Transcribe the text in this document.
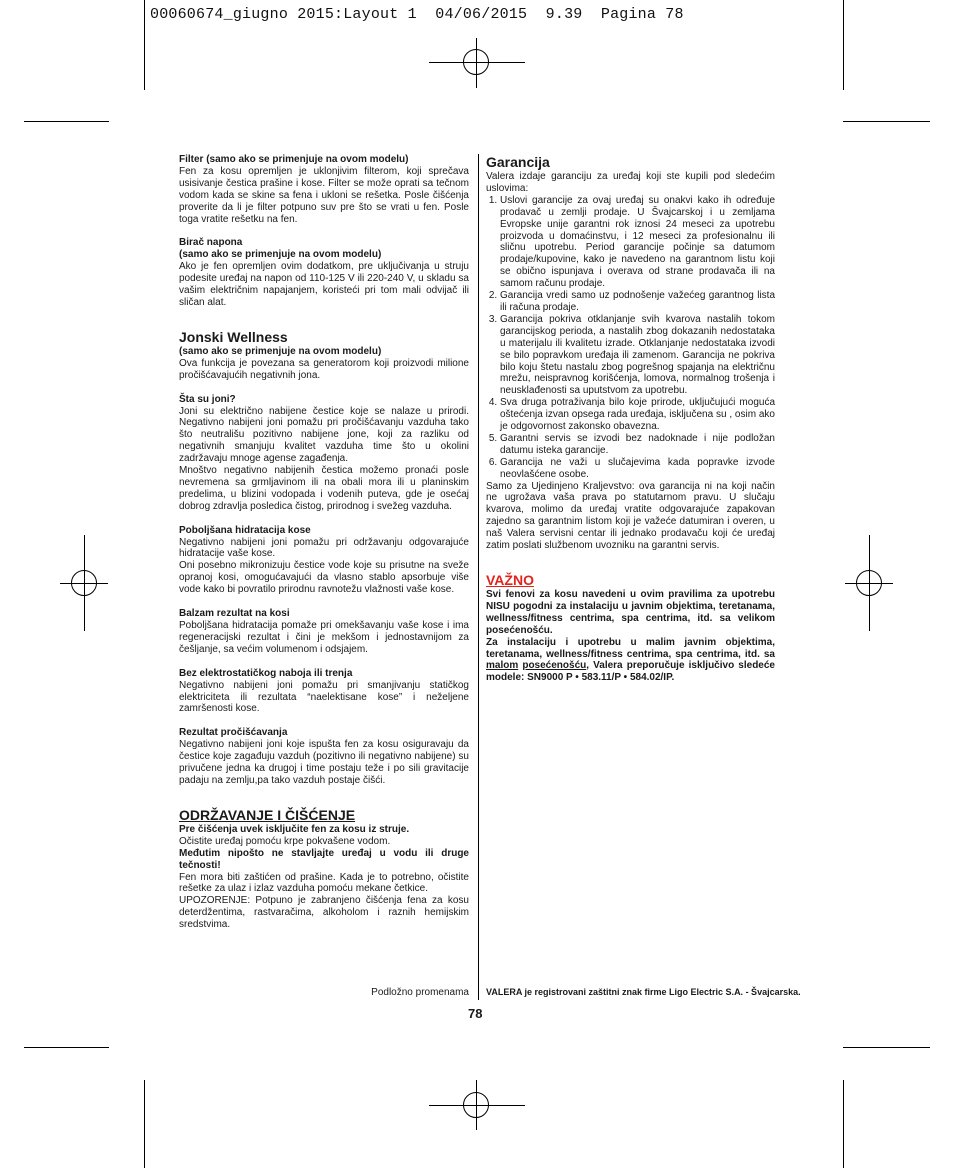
00060674_giugno 2015:Layout 1  04/06/2015  9.39  Pagina 78

Filter (samo ako se primenjuje na ovom modelu)

Fen za kosu opremljen je uklonjivim filterom, koji sprečava usisivanje čestica prašine i kose. Filter se može oprati sa tečnom vodom kada se skine sa fena i ukloni se rešetka. Posle čišćenja proverite da li je filter potpuno suv pre što se vrati u fen. Posle toga vratite rešetku na fen.

Birač napona

(samo ako se primenjuje na ovom modelu)

Ako je fen opremljen ovim dodatkom, pre uključivanja u struju podesite uređaj na napon od 110-125 V ili 220-240 V, u skladu sa vašim električnim napajanjem, koristeći pri tom mali odvijač ili sličan alat.

Jonski Wellness

(samo ako se primenjuje na ovom modelu)

Ova funkcija je povezana sa generatorom koji proizvodi milione pročišćavajućih negativnih jona.

Šta su joni?

Joni su električno nabijene čestice koje se nalaze u prirodi. Negativno nabijeni joni pomažu pri pročišćavanju vazduha tako što neutrališu pozitivno nabijene jone, koji za razliku od negativnih smanjuju kvalitet vazduha time što u okolini zadržavaju mnoge agense zagađenja.

Mnoštvo negativno nabijenih čestica možemo pronaći posle nevremena sa grmljavinom ili na obali mora ili u planinskim predelima, u blizini vodopada i vodenih puteva, gde je osećaj dobrog zdravlja posledica čistog, prirodnog i svežeg vazduha.

Poboljšana hidratacija kose

Negativno nabijeni joni pomažu pri održavanju odgovarajuće hidratacije vaše kose.

Oni posebno mikronizuju čestice vode koje su prisutne na sveže opranoj kosi, omogućavajući da vlasno stablo apsorbuje više vode kako bi povratilo prirodnu ravnotežu vlažnosti vaše kose.

Balzam rezultat na kosi

Poboljšana hidratacija pomaže pri omekšavanju vaše kose i ima regeneracijski rezultat i čini je mekšom i jednostavnijom za češljanje, sa većim volumenom i odsjajem.

Bez elektrostatičkog naboja ili trenja

Negativno nabijeni joni pomažu pri smanjivanju statičkog elektriciteta ili rezultata “naelektisane kose” i neželjene zamršenosti kose.

Rezultat pročišćavanja

Negativno nabijeni joni koje ispušta fen za kosu osiguravaju da čestice koje zagađuju vazduh (pozitivno ili negativno nabijene) su privučene jedna ka drugoj i time postaju teže i po sili gravitacije padaju na zemlju,pa tako vazduh postaje čišći.

ODRŽAVANJE I ČIŠĆENJE

Pre čišćenja uvek isključite fen za kosu iz struje.

Očistite uređaj pomoću krpe pokvašene vodom.

Međutim nipošto ne stavljajte uređaj u vodu ili druge tečnosti!

Fen mora biti zaštićen od prašine. Kada je to potrebno, očistite rešetke za ulaz i izlaz vazduha pomoću mekane četkice.

UPOZORENJE: Potpuno je zabranjeno čišćenja fena za kosu deterdžentima, rastvaračima, alkoholom i raznih hemijskim sredstvima.

Podložno promenama

Garancija

Valera izdaje garanciju za uređaj koji ste kupili pod sledećim uslovima:

1. Uslovi garancije za ovaj uređaj su onakvi kako ih određuje prodavač u zemlji prodaje. U Švajcarskoj i u zemljama Evropske unije garantni rok iznosi 24 meseci za upotrebu proizvoda u domaćinstvu, i 12 meseci za profesionalnu ili sličnu upotrebu. Period garancije počinje sa datumom prodaje/kupovine, kako je navedeno na garantnom listu koji se obično ispunjava i overava od strane prodavača ili na samom računu prodaje.
2. Garancija vredi samo uz podnošenje važećeg garantnog lista ili računa prodaje.
3. Garancija pokriva otklanjanje svih kvarova nastalih tokom garancijskog perioda, a nastalih zbog dokazanih nedostataka u materijalu ili kvalitetu izrade. Otklanjanje nedostataka izvodi se bilo popravkom uređaja ili zamenom. Garancija ne pokriva bilo koju štetu nastalu zbog pogrešnog spajanja na električnu mrežu, neispravnog korišćenja, lomova, normalnog trošenja i neusklađenosti sa uputstvom za upotrebu.
4. Sva druga potraživanja bilo koje prirode, uključujući moguća oštećenja izvan opsega rada uređaja, isključena su , osim ako je odgovornost zakonsko obavezna.
5. Garantni servis se izvodi bez nadoknade i nije podložan datumu isteka garancije.
6. Garancija ne važi u slučajevima kada popravke izvode neovlašćene osobe.

Samo za Ujedinjeno Kraljevstvo: ova garancija ni na koji način ne ugrožava vaša prava po statutarnom pravu. U slučaju kvarova, molimo da uređaj vratite odgovarajuće zapakovan zajedno sa garantnim listom koji je važeće datumiran i overen, u naš Valera servisni centar ili jednako prodavaču koji će uređaj zatim poslati službenom uvozniku na garantni servis.

VAŽNO

Svi fenovi za kosu navedeni u ovim pravilima za upotrebu NISU pogodni za instalaciju u javnim objektima, teretanama, wellness/fitness centrima, spa centrima, itd. sa velikom posećenošću.

Za instalaciju i upotrebu u malim javnim objektima, teretanama, wellness/fitness centrima, spa centrima, itd. sa malom posećenošću, Valera preporučuje isključivo sledeće modele: SN9000 P • 583.11/P • 584.02/IP.

VALERA je registrovani zaštitni znak firme Ligo Electric S.A. - Švajcarska.
78
